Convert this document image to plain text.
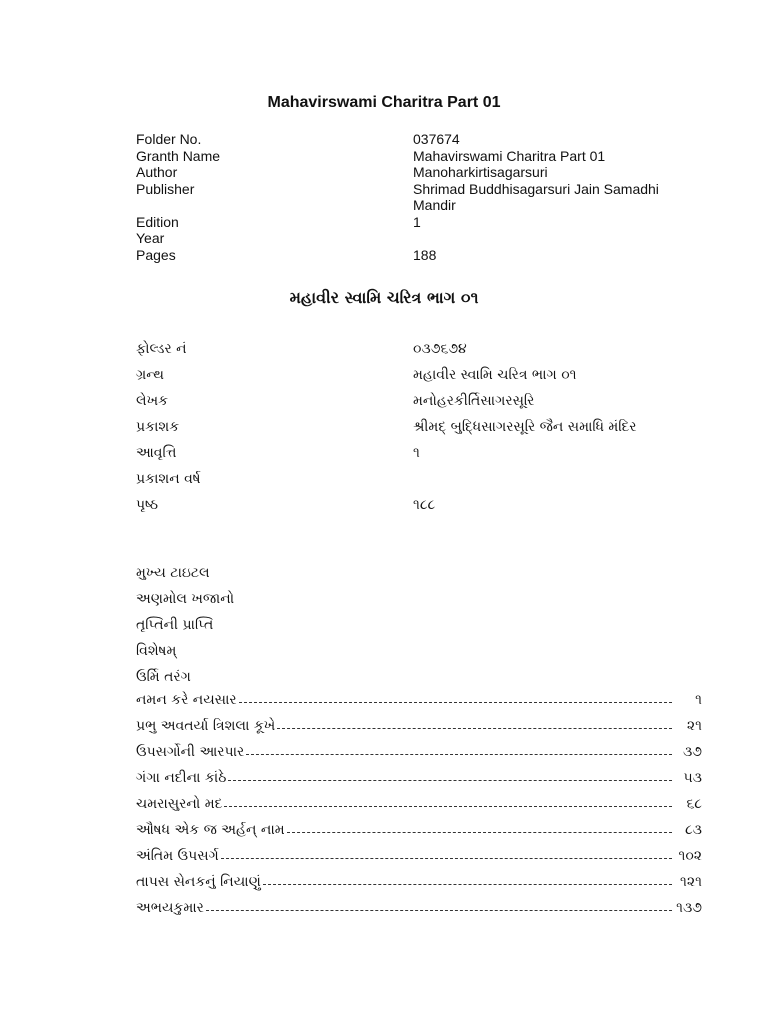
Mahavirswami Charitra Part 01
Folder No.	037674
Granth Name	Mahavirswami Charitra Part 01
Author	Manoharkirtisagarsuri
Publisher	Shrimad Buddhisagarsuri Jain Samadhi Mandir
Edition	1
Year
Pages	188
મહાવીર સ્વામિ ચરિત્ર ભાગ ૦૧
ફોલ્ડર નં	૦૩૭૬૭૪
ગ્રન્થ	મહાવીર સ્વામિ ચરિત્ર ભાગ ૦૧
લેખક	મનોહરકીર્તિસાગરસૂરિ
પ્રકાશક	શ્રીમદ્ બુદ્ધિસાગરસૂરિ જૈન સમાધિ મંદિર
આવૃત્તિ	૧
પ્રકાશન વર્ષ
પૃષ્ઠ	૧૮૮
મુખ્ય ટાઇટલ
અણમોલ ખજાનો
તૃપ્તિની પ્રાપ્તિ
વિશેષમ્
ઉર્મિ તરંગ
નમન કરે નયસાર	૧
પ્રભુ અવતર્યા ત્રિશલા કૂખે	૨૧
ઉપસર્ગોની આરપાર	૩૭
ગંગા નદીના કાંઠે	૫૩
ચમરાસુરનો મદ	૬૮
ઔષધ એક જ અર્હન્ નામ	૮૩
અંતિમ ઉપસર્ગ	૧૦૨
તાપસ સેનકનું નિયાણું	૧૨૧
અભયકુમાર	૧૩૭
